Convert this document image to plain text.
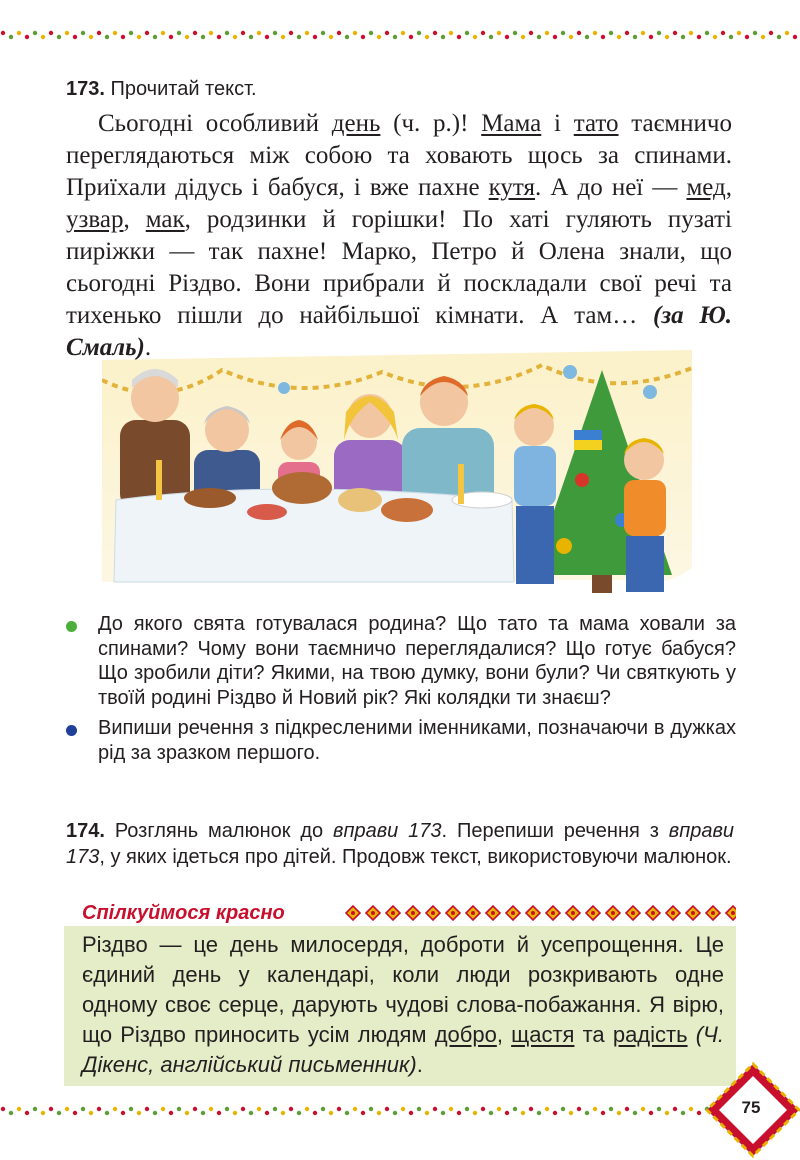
173. Прочитай текст.

Сьогодні особливий день (ч. р.)! Мама і тато таємничо переглядаються між собою та ховають щось за спинами. Приїхали дідусь і бабуся, і вже пахне кутя. А до неї — мед, узвар, мак, родзинки й горішки! По хаті гуляють пузаті пиріжки — так пахне! Марко, Петро й Олена знали, що сьогодні Різдво. Вони прибрали й поскладали свої речі та тихенько пішли до найбільшої кімнати. А там… (за Ю. Смаль).

До якого свята готувалася родина? Що тато та мама ховали за спинами? Чому вони таємничо переглядалися? Що готує бабуся? Що зробили діти? Якими, на твою думку, вони були? Чи святкують у твоїй родині Різдво й Новий рік? Які колядки ти знаєш?
Випиши речення з підкресленими іменниками, позначаючи в дужках рід за зразком першого.
174. Розглянь малюнок до вправи 173. Перепиши речення з вправи 173, у яких ідеться про дітей. Продовж текст, використовуючи малюнок.
Спілкуймося красно

Різдво — це день милосердя, доброти й усепрощення. Це єдиний день у календарі, коли люди розкривають одне одному своє серце, дарують чудові слова-побажання. Я вірю, що Різдво приносить усім людям добро, щастя та радість (Ч. Дікенс, англійський письменник).

75
